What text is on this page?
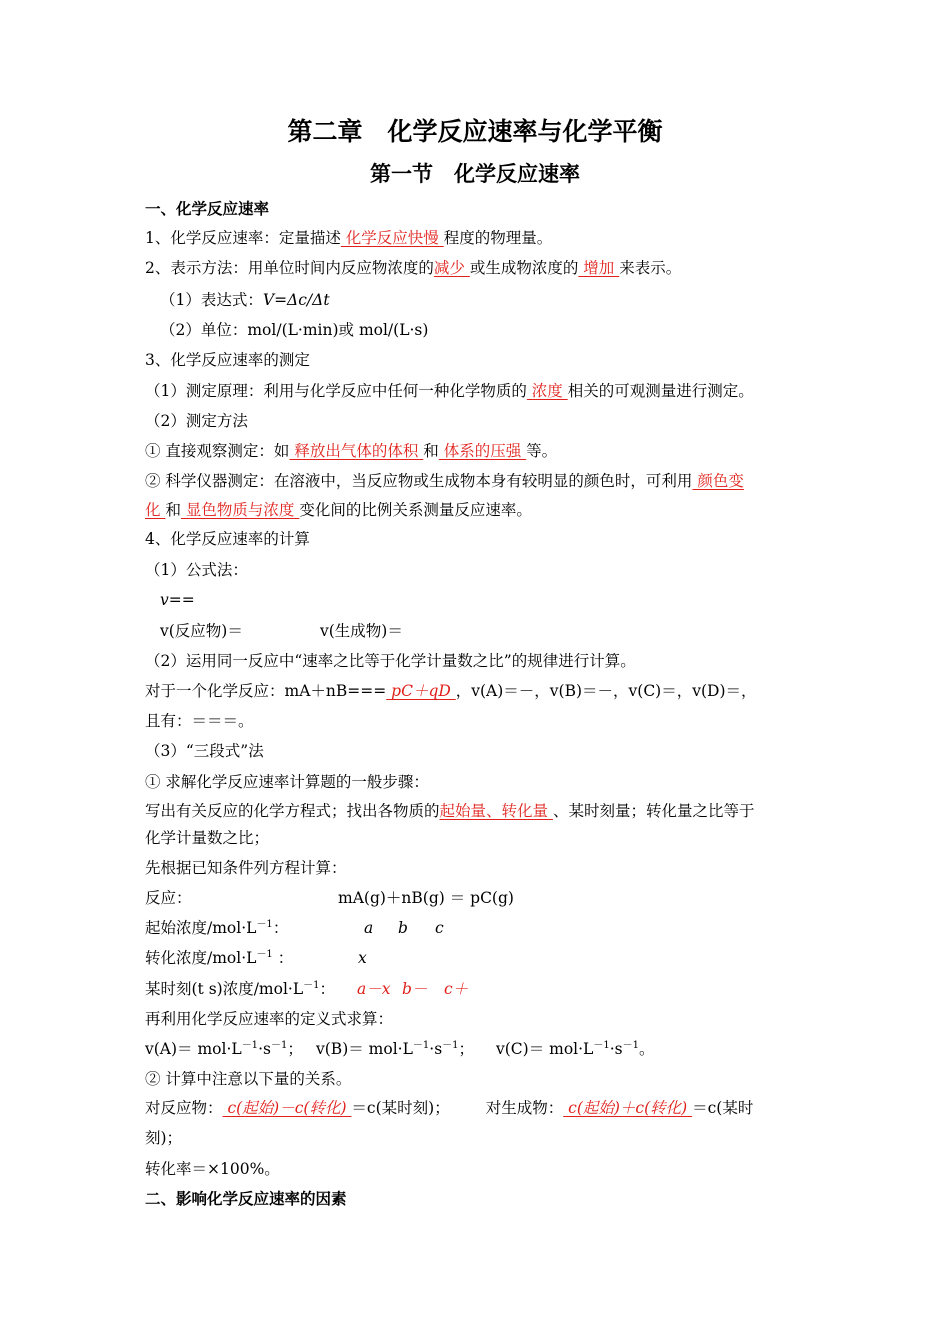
第二章　化学反应速率与化学平衡
第一节　化学反应速率
一、化学反应速率
1、化学反应速率：定量描述 化学反应快慢 程度的物理量。
2、表示方法：用单位时间内反应物浓度的减少 或生成物浓度的 增加 来表示。
（1）表达式：V=Δc/Δt
（2）单位：mol/(L·min)或 mol/(L·s)
3、化学反应速率的测定
（1）测定原理：利用与化学反应中任何一种化学物质的 浓度 相关的可观测量进行测定。
（2）测定方法
① 直接观察测定：如 释放出气体的体积 和 体系的压强 等。
② 科学仪器测定：在溶液中，当反应物或生成物本身有较明显的颜色时，可利用 颜色变
化 和 显色物质与浓度 变化间的比例关系测量反应速率。
4、化学反应速率的计算
（1）公式法：
v==
v(反应物)＝	v(生成物)＝
（2）运用同一反应中“速率之比等于化学计量数之比”的规律进行计算。
对于一个化学反应：mA＋nB=== pC＋qD ，v(A)＝－，v(B)＝－，v(C)＝，v(D)＝，
且有：＝＝＝。
（3）“三段式”法
① 求解化学反应速率计算题的一般步骤：
写出有关反应的化学方程式；找出各物质的起始量、转化量 、某时刻量；转化量之比等于
化学计量数之比；
先根据已知条件列方程计算：
反应：	mA(g)＋nB(g) ＝ pC(g)
起始浓度$/mol\cdot L^{-1}$：	a b c
转化浓度$/mol\cdot L^{-1}$ ：	x
某时刻(t s)浓度$/mol\cdot L^{-1}$： a－x b－ c＋
再利用化学反应速率的定义式求算：
$v(A)= mol\cdot L^{-1}\cdot s^{-1}$； $v(B)= mol\cdot L^{-1}\cdot s^{-1}$； $v(C)= mol\cdot L^{-1}\cdot s^{-1}$。
② 计算中注意以下量的关系。
对反应物： c(起始)－c(转化) ＝c(某时刻)； 对生成物： c(起始)＋c(转化) ＝c(某时
刻)；
转化率＝×100%。
二、影响化学反应速率的因素
